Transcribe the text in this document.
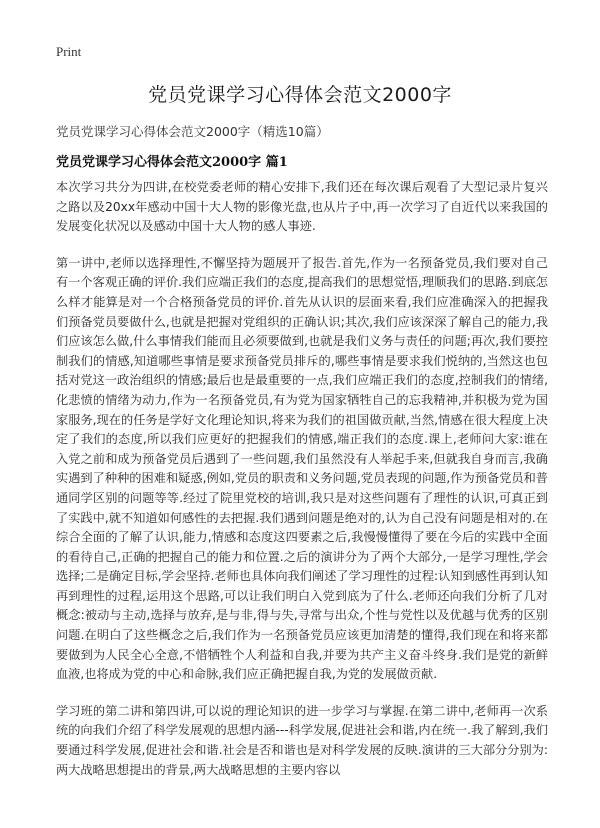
Print
党员党课学习心得体会范文2000字
党员党课学习心得体会范文2000字（精选10篇）
党员党课学习心得体会范文2000字 篇1

本次学习共分为四讲,在校党委老师的精心安排下,我们还在每次课后观看了大型记录片复兴之路以及20xx年感动中国十大人物的影像光盘,也从片子中,再一次学习了自近代以来我国的发展变化状况以及感动中国十大人物的感人事迹.

第一讲中,老师以选择理性,不懈坚持为题展开了报告.首先,作为一名预备党员,我们要对自己有一个客观正确的评价.我们应端正我们的态度,提高我们的思想觉悟,理顺我们的思路.到底怎么样才能算是对一个合格预备党员的评价.首先从认识的层面来看,我们应准确深入的把握我们预备党员要做什么,也就是把握对党组织的正确认识;其次,我们应该深深了解自己的能力,我们应该怎么做,什么事情我们能而且必须要做到,也就是我们义务与责任的问题;再次,我们要控制我们的情感,知道哪些事情是要求预备党员排斥的,哪些事情是要求我们悦纳的,当然这也包括对党这一政治组织的情感;最后也是最重要的一点,我们应端正我们的态度,控制我们的情绪,化悲愤的情绪为动力,作为一名预备党员,有为党为国家牺牲自己的忘我精神,并积极为党为国家服务,现在的任务是学好文化理论知识,将来为我们的祖国做贡献,当然,情感在很大程度上决定了我们的态度,所以我们应更好的把握我们的情感,端正我们的态度.课上,老师问大家:谁在入党之前和成为预备党员后遇到了一些问题,我们虽然没有人举起手来,但就我自身而言,我确实遇到了种种的困难和疑惑,例如,党员的职责和义务问题,党员表现的问题,作为预备党员和普通同学区别的问题等等.经过了院里党校的培训,我只是对这些问题有了理性的认识,可真正到了实践中,就不知道如何感性的去把握.我们遇到问题是绝对的,认为自己没有问题是相对的.在综合全面的了解了认识,能力,情感和态度这四要素之后,我慢慢懂得了要在今后的实践中全面的看待自己,正确的把握自己的能力和位置.之后的演讲分为了两个大部分,一是学习理性,学会选择;二是确定目标,学会坚持.老师也具体向我们阐述了学习理性的过程:认知到感性再到认知再到理性的过程,运用这个思路,可以让我们明白入党到底为了什么.老师还向我们分析了几对概念:被动与主动,选择与放弃,是与非,得与失,寻常与出众,个性与党性以及优越与优秀的区别问题.在明白了这些概念之后,我们作为一名预备党员应该更加清楚的懂得,我们现在和将来都要做到为人民全心全意,不惜牺牲个人利益和自我,并要为共产主义奋斗终身.我们是党的新鲜血液,也将成为党的中心和命脉,我们应正确把握自我,为党的发展做贡献.

学习班的第二讲和第四讲,可以说的理论知识的进一步学习与掌握.在第二讲中,老师再一次系统的向我们介绍了科学发展观的思想内涵---科学发展,促进社会和谐,内在统一.我了解到,我们要通过科学发展,促进社会和谐.社会是否和谐也是对科学发展的反映.演讲的三大部分分别为:两大战略思想提出的背景,两大战略思想的主要内容以
